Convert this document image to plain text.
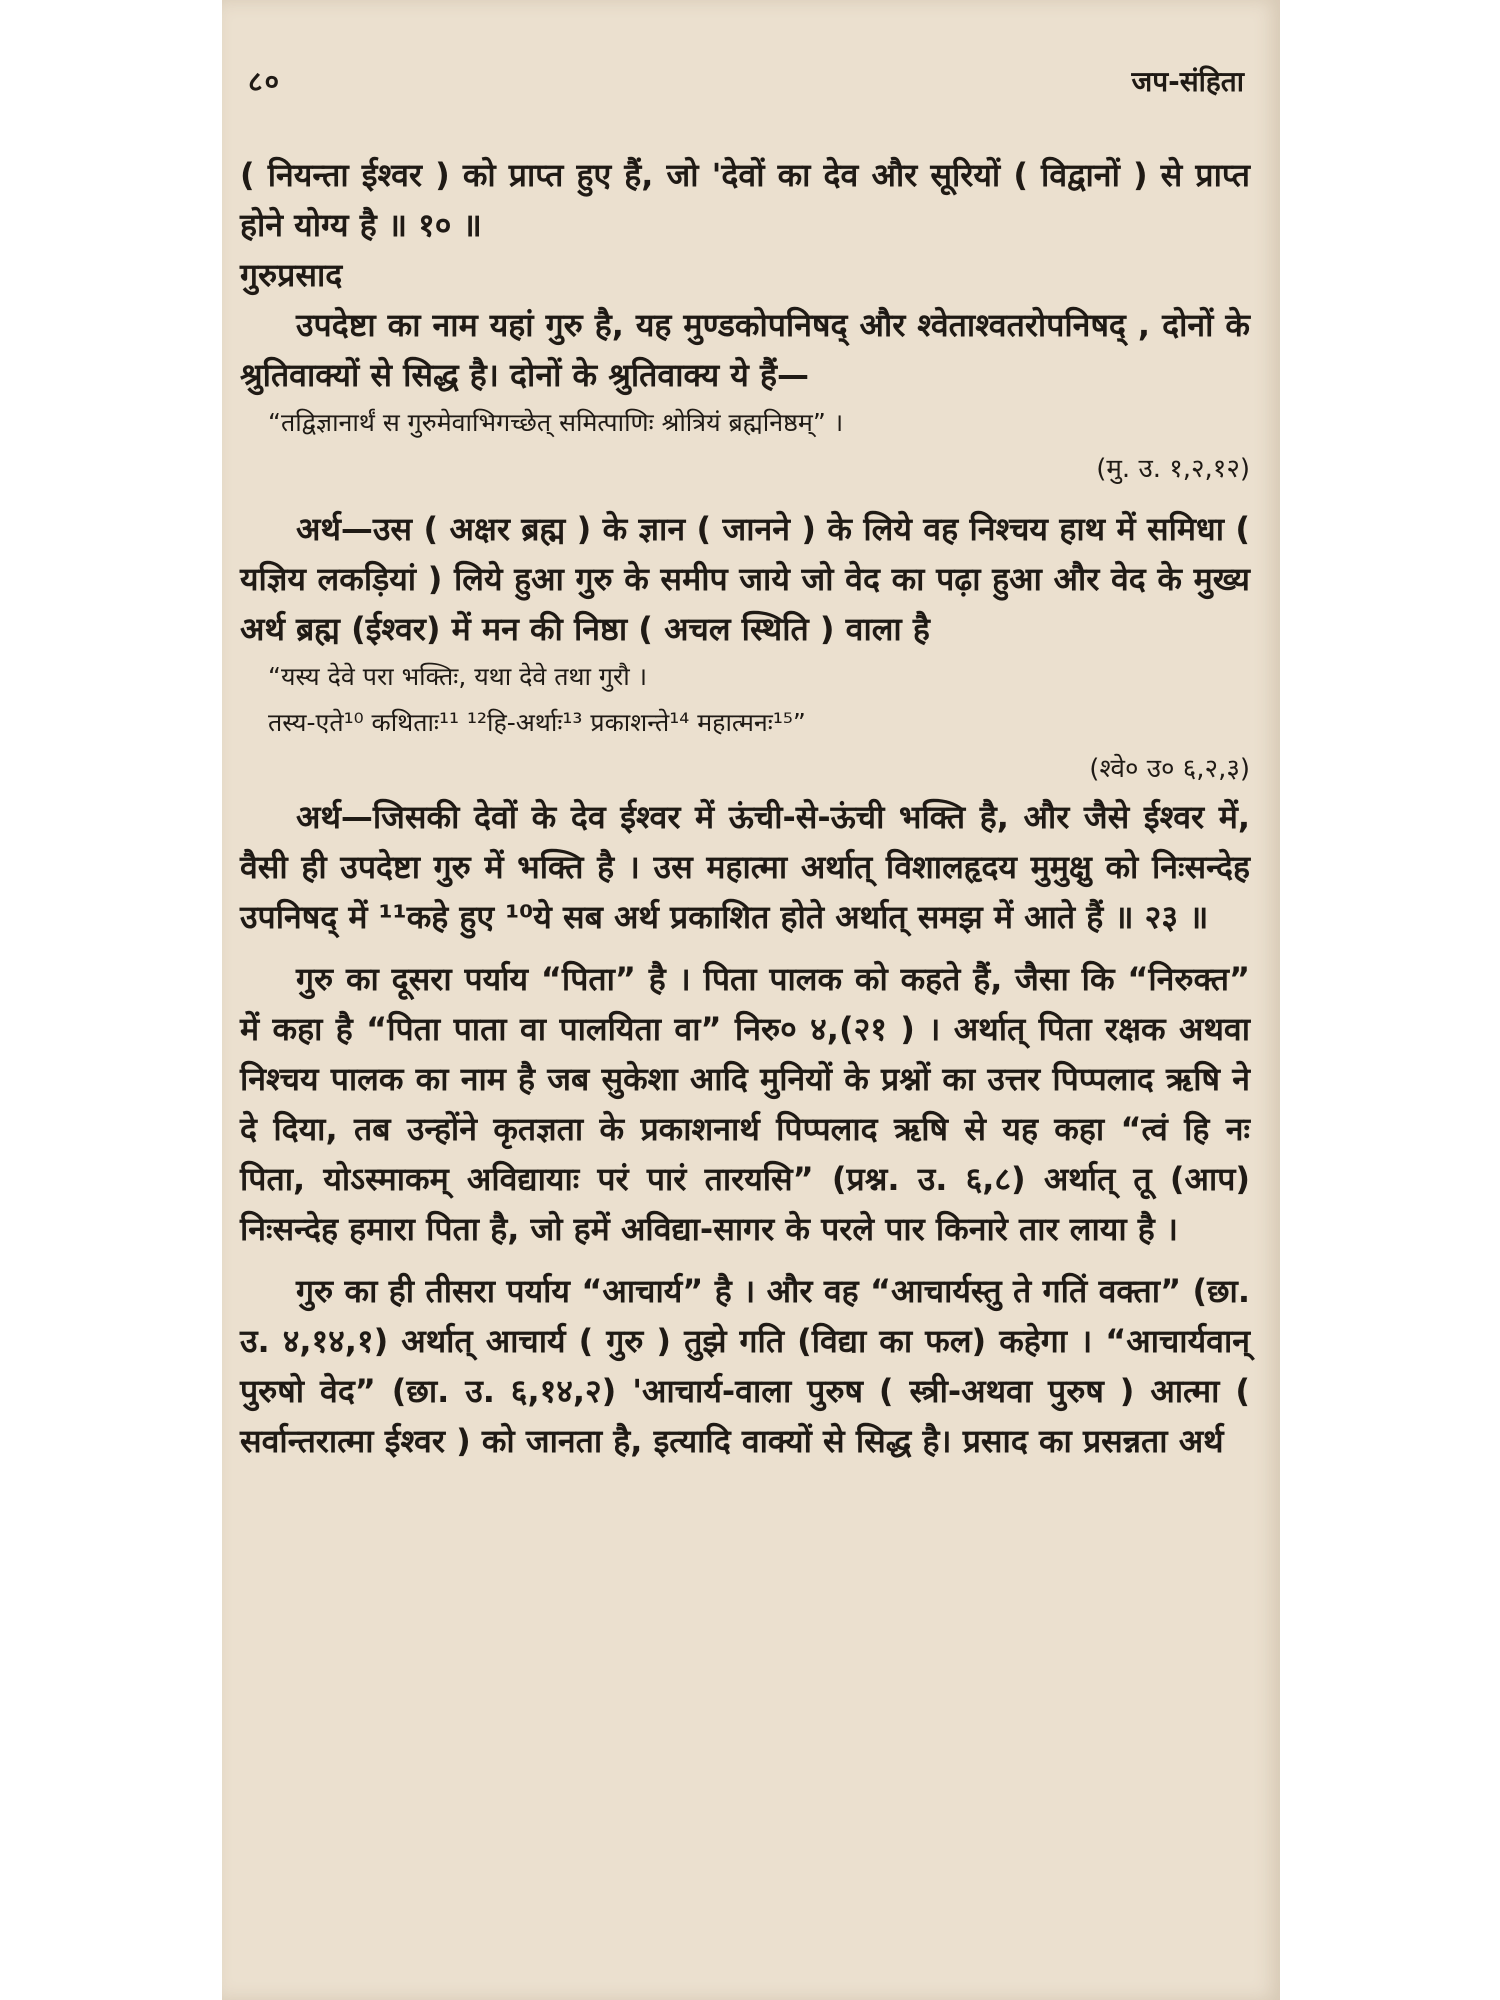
८०	जप-संहिता

( नियन्ता ईश्वर ) को प्राप्त हुए हैं, जो 'देवों का देव और सूरियों ( विद्वानों ) से प्राप्त होने योग्य है ॥ १० ॥

गुरुप्रसाद

उपदेष्टा का नाम यहां गुरु है, यह मुण्डकोपनिषद् और श्वेताश्वतरोपनिषद् , दोनों के श्रुतिवाक्यों से सिद्ध है। दोनों के श्रुतिवाक्य ये हैं—

“तद्विज्ञानार्थं स गुरुमेवाभिगच्छेत् समित्पाणिः श्रोत्रियं ब्रह्मनिष्ठम्” ।

(मु. उ. १,२,१२)

अर्थ—उस ( अक्षर ब्रह्म ) के ज्ञान ( जानने ) के लिये वह निश्चय हाथ में समिधा ( यज्ञिय लकड़ियां ) लिये हुआ गुरु के समीप जाये जो वेद का पढ़ा हुआ और वेद के मुख्य अर्थ ब्रह्म (ईश्वर) में मन की निष्ठा ( अचल स्थिति ) वाला है

“यस्य देवे परा भक्तिः, यथा देवे तथा गुरौ ।

तस्य-एते¹⁰ कथिताः¹¹ ¹²हि-अर्थाः¹³ प्रकाशन्ते¹⁴ महात्मनः¹⁵”

(श्वे० उ० ६,२,३)

अर्थ—जिसकी देवों के देव ईश्वर में ऊंची-से-ऊंची भक्ति है, और जैसे ईश्वर में, वैसी ही उपदेष्टा गुरु में भक्ति है । उस महात्मा अर्थात् विशालहृदय मुमुक्षु को निःसन्देह उपनिषद् में ¹¹कहे हुए ¹⁰ये सब अर्थ प्रकाशित होते अर्थात् समझ में आते हैं ॥ २३ ॥

गुरु का दूसरा पर्याय “पिता” है । पिता पालक को कहते हैं, जैसा कि “निरुक्त” में कहा है “पिता पाता वा पालयिता वा” निरु० ४,(२१ ) । अर्थात् पिता रक्षक अथवा निश्चय पालक का नाम है जब सुकेशा आदि मुनियों के प्रश्नों का उत्तर पिप्पलाद ऋषि ने दे दिया, तब उन्होंने कृतज्ञता के प्रकाशनार्थ पिप्पलाद ऋषि से यह कहा “त्वं हि नः पिता, योऽस्माकम् अविद्यायाः परं पारं तारयसि” (प्रश्न. उ. ६,८) अर्थात् तू (आप) निःसन्देह हमारा पिता है, जो हमें अविद्या-सागर के परले पार किनारे तार लाया है ।

गुरु का ही तीसरा पर्याय “आचार्य” है । और वह “आचार्यस्तु ते गतिं वक्ता” (छा. उ. ४,१४,१) अर्थात् आचार्य ( गुरु ) तुझे गति (विद्या का फल) कहेगा । “आचार्यवान् पुरुषो वेद” (छा. उ. ६,१४,२) 'आचार्य-वाला पुरुष ( स्त्री-अथवा पुरुष ) आत्मा ( सर्वान्तरात्मा ईश्वर ) को जानता है, इत्यादि वाक्यों से सिद्ध है। प्रसाद का प्रसन्नता अर्थ
